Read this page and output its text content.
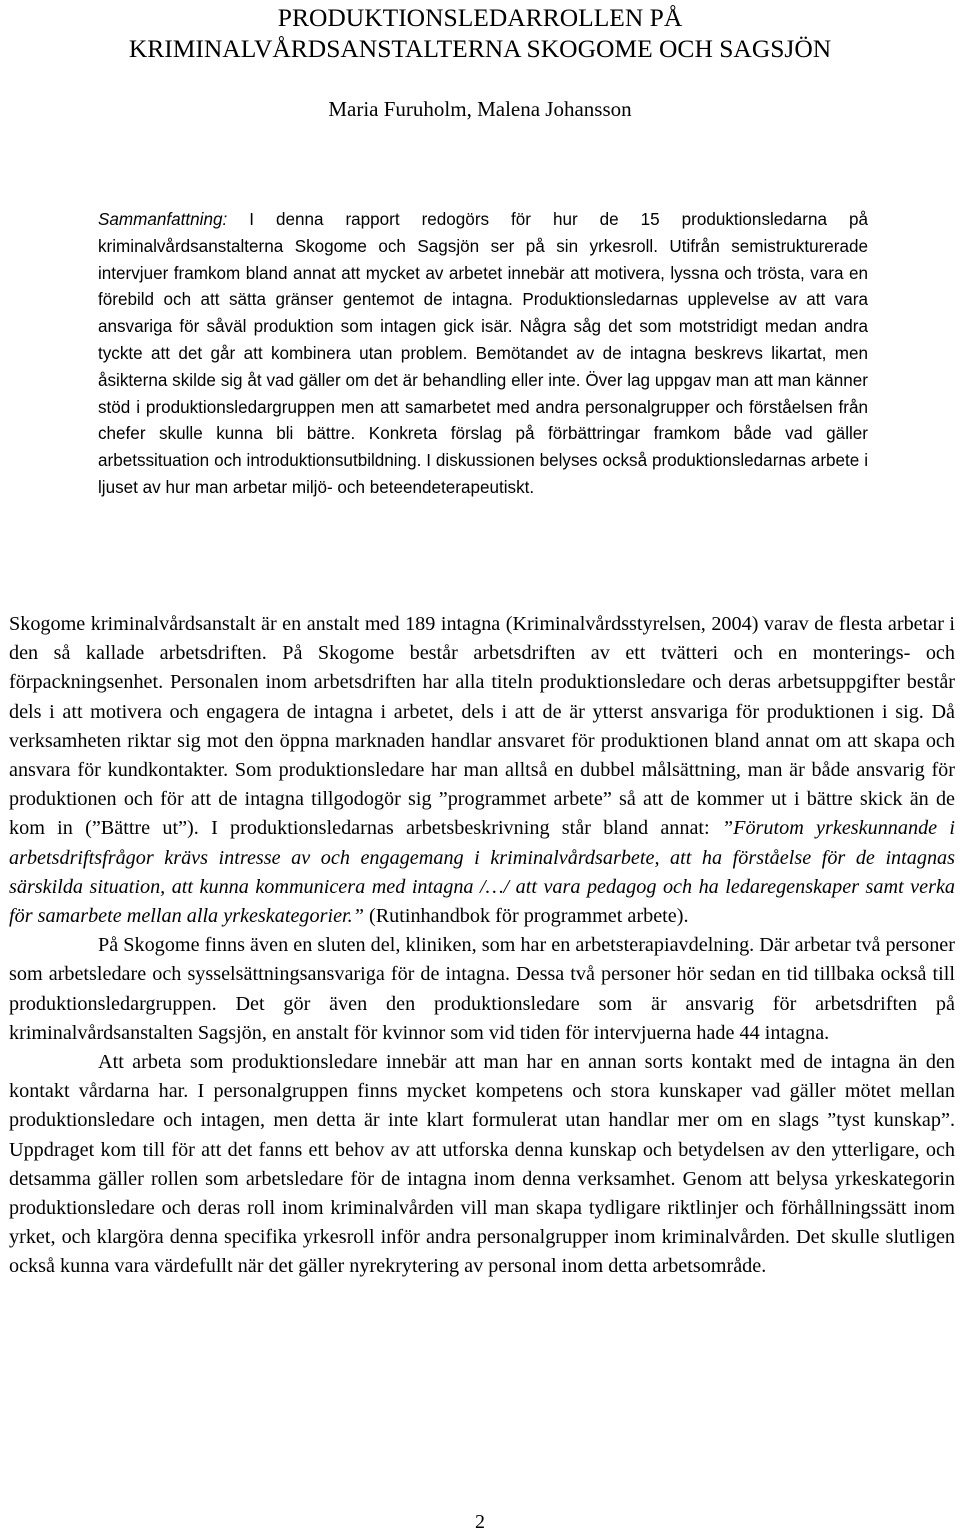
PRODUKTIONSLEDARROLLEN PÅ
KRIMINALVÅRDSANSTALTERNA SKOGOME OCH SAGSJÖN

Maria Furuholm, Malena Johansson

Sammanfattning: I denna rapport redogörs för hur de 15 produktionsledarna på kriminalvårdsanstalterna Skogome och Sagsjön ser på sin yrkesroll. Utifrån semistrukturerade intervjuer framkom bland annat att mycket av arbetet innebär att motivera, lyssna och trösta, vara en förebild och att sätta gränser gentemot de intagna. Produktionsledarnas upplevelse av att vara ansvariga för såväl produktion som intagen gick isär. Några såg det som motstridigt medan andra tyckte att det går att kombinera utan problem. Bemötandet av de intagna beskrevs likartat, men åsikterna skilde sig åt vad gäller om det är behandling eller inte. Över lag uppgav man att man känner stöd i produktionsledargruppen men att samarbetet med andra personalgrupper och förståelsen från chefer skulle kunna bli bättre. Konkreta förslag på förbättringar framkom både vad gäller arbetssituation och introduktionsutbildning. I diskussionen belyses också produktionsledarnas arbete i ljuset av hur man arbetar miljö- och beteendeterapeutiskt.

Skogome kriminalvårdsanstalt är en anstalt med 189 intagna (Kriminalvårdsstyrelsen, 2004) varav de flesta arbetar i den så kallade arbetsdriften. På Skogome består arbetsdriften av ett tvätteri och en monterings- och förpackningsenhet. Personalen inom arbetsdriften har alla titeln produktionsledare och deras arbetsuppgifter består dels i att motivera och engagera de intagna i arbetet, dels i att de är ytterst ansvariga för produktionen i sig. Då verksamheten riktar sig mot den öppna marknaden handlar ansvaret för produktionen bland annat om att skapa och ansvara för kundkontakter. Som produktionsledare har man alltså en dubbel målsättning, man är både ansvarig för produktionen och för att de intagna tillgodogör sig ”programmet arbete” så att de kommer ut i bättre skick än de kom in (”Bättre ut”). I produktionsledarnas arbetsbeskrivning står bland annat: ”Förutom yrkeskunnande i arbetsdriftsfrågor krävs intresse av och engagemang i kriminalvårdsarbete, att ha förståelse för de intagnas särskilda situation, att kunna kommunicera med intagna /…/ att vara pedagog och ha ledaregenskaper samt verka för samarbete mellan alla yrkeskategorier.” (Rutinhandbok för programmet arbete).

På Skogome finns även en sluten del, kliniken, som har en arbetsterapiavdelning. Där arbetar två personer som arbetsledare och sysselsättningsansvariga för de intagna. Dessa två personer hör sedan en tid tillbaka också till produktionsledargruppen. Det gör även den produktionsledare som är ansvarig för arbetsdriften på kriminalvårdsanstalten Sagsjön, en anstalt för kvinnor som vid tiden för intervjuerna hade 44 intagna.

Att arbeta som produktionsledare innebär att man har en annan sorts kontakt med de intagna än den kontakt vårdarna har. I personalgruppen finns mycket kompetens och stora kunskaper vad gäller mötet mellan produktionsledare och intagen, men detta är inte klart formulerat utan handlar mer om en slags ”tyst kunskap”. Uppdraget kom till för att det fanns ett behov av att utforska denna kunskap och betydelsen av den ytterligare, och detsamma gäller rollen som arbetsledare för de intagna inom denna verksamhet. Genom att belysa yrkeskategorin produktionsledare och deras roll inom kriminalvården vill man skapa tydligare riktlinjer och förhållningssätt inom yrket, och klargöra denna specifika yrkesroll inför andra personalgrupper inom kriminalvården. Det skulle slutligen också kunna vara värdefullt när det gäller nyrekrytering av personal inom detta arbetsområde.

2
